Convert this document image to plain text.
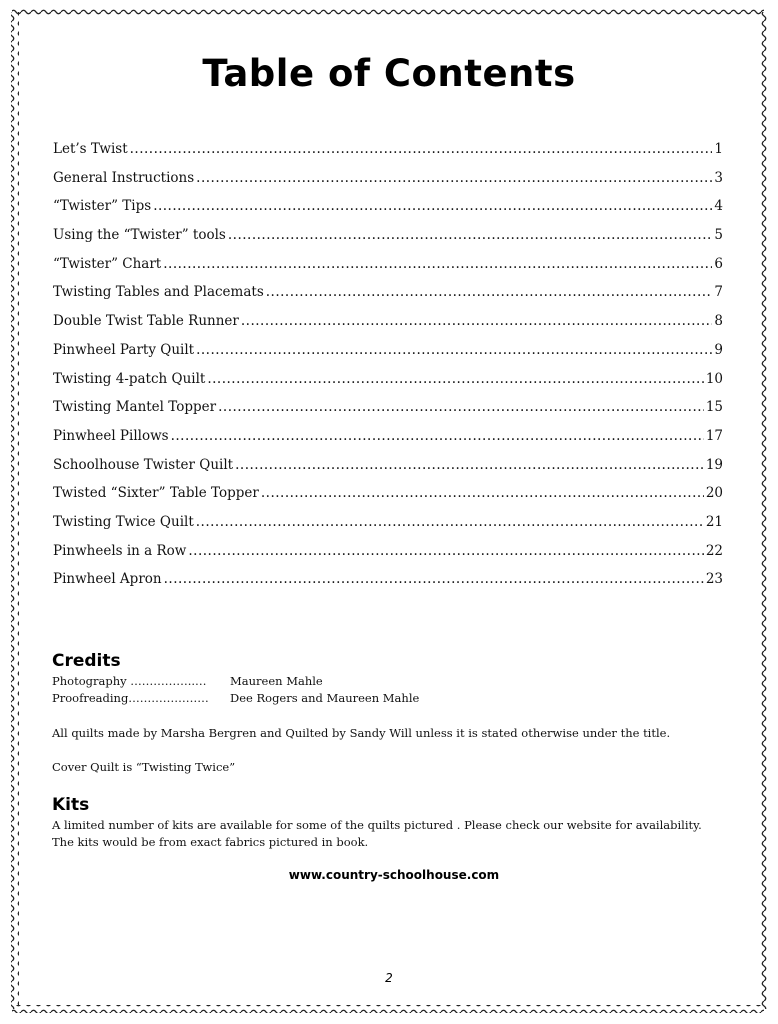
Table of Contents
Let’s Twist .....	1
General Instructions .....	3
“Twister” Tips .....	4
Using the “Twister” tools .....	5
“Twister” Chart .....	6
Twisting Tables and Placemats .....	7
Double Twist Table Runner .....	8
Pinwheel Party Quilt .....	9
Twisting 4-patch Quilt .....	10
Twisting Mantel Topper .....	15
Pinwheel Pillows .....	17
Schoolhouse Twister Quilt .....	19
Twisted “Sixter” Table Topper .....	20
Twisting Twice Quilt .....	21
Pinwheels in a Row .....	22
Pinwheel Apron .....	23
Credits
Photography ……………..…	Maureen Mahle
Proofreading…………………	Dee Rogers and Maureen Mahle
All quilts made by Marsha Bergren and Quilted by Sandy Will unless it is stated otherwise under the title.
Cover Quilt is “Twisting Twice”
Kits
A limited number of kits are available for some of the quilts pictured . Please check our website for availability.
The kits would be from exact fabrics pictured in book.
www.country-schoolhouse.com
2
